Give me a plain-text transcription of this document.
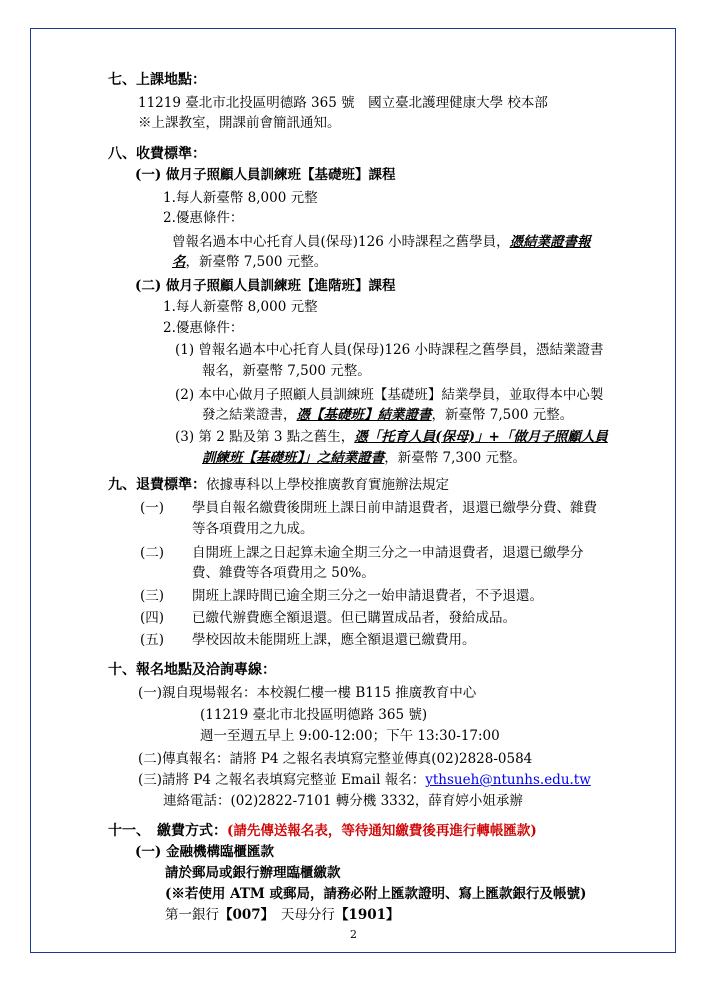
七、上課地點：
11219 臺北市北投區明德路 365 號　國立臺北護理健康大學 校本部
※上課教室，開課前會簡訊通知。
八、收費標準：
(一) 做月子照顧人員訓練班【基礎班】課程
1.每人新臺幣 8,000 元整
2.優惠條件：
曾報名過本中心托育人員(保母)126 小時課程之舊學員，憑結業證書報
名，新臺幣 7,500 元整。
(二) 做月子照顧人員訓練班【進階班】課程
1.每人新臺幣 8,000 元整
2.優惠條件：
(1) 曾報名過本中心托育人員(保母)126 小時課程之舊學員，憑結業證書
報名，新臺幣 7,500 元整。
(2) 本中心做月子照顧人員訓練班【基礎班】結業學員，並取得本中心製
發之結業證書，憑【基礎班】結業證書，新臺幣 7,500 元整。
(3) 第 2 點及第 3 點之舊生，憑「托育人員(保母)」+「做月子照顧人員
訓練班【基礎班】」之結業證書，新臺幣 7,300 元整。
九、退費標準：依據專科以上學校推廣教育實施辦法規定
(一) 學員自報名繳費後開班上課日前申請退費者，退還已繳學分費、雜費
等各項費用之九成。
(二) 自開班上課之日起算未逾全期三分之一申請退費者，退還已繳學分
費、雜費等各項費用之 50%。
(三) 開班上課時間已逾全期三分之一始申請退費者，不予退還。
(四) 已繳代辦費應全額退還。但已購置成品者，發給成品。
(五) 學校因故未能開班上課，應全額退還已繳費用。
十、報名地點及洽詢專線：
(一)親自現場報名：本校親仁樓一樓 B115 推廣教育中心
(11219 臺北市北投區明德路 365 號)
週一至週五早上 9:00-12:00；下午 13:30-17:00
(二)傳真報名：請將 P4 之報名表填寫完整並傳真(02)2828-0584
(三)請將 P4 之報名表填寫完整並 Email 報名：ythsueh@ntunhs.edu.tw
連絡電話：(02)2822-7101 轉分機 3332，薛育婷小姐承辦
十一、　繳費方式：(請先傳送報名表，等待通知繳費後再進行轉帳匯款)
(一) 金融機構臨櫃匯款
請於郵局或銀行辦理臨櫃繳款
(※若使用 ATM 或郵局，請務必附上匯款證明、寫上匯款銀行及帳號)
第一銀行【007】　天母分行【1901】
2
